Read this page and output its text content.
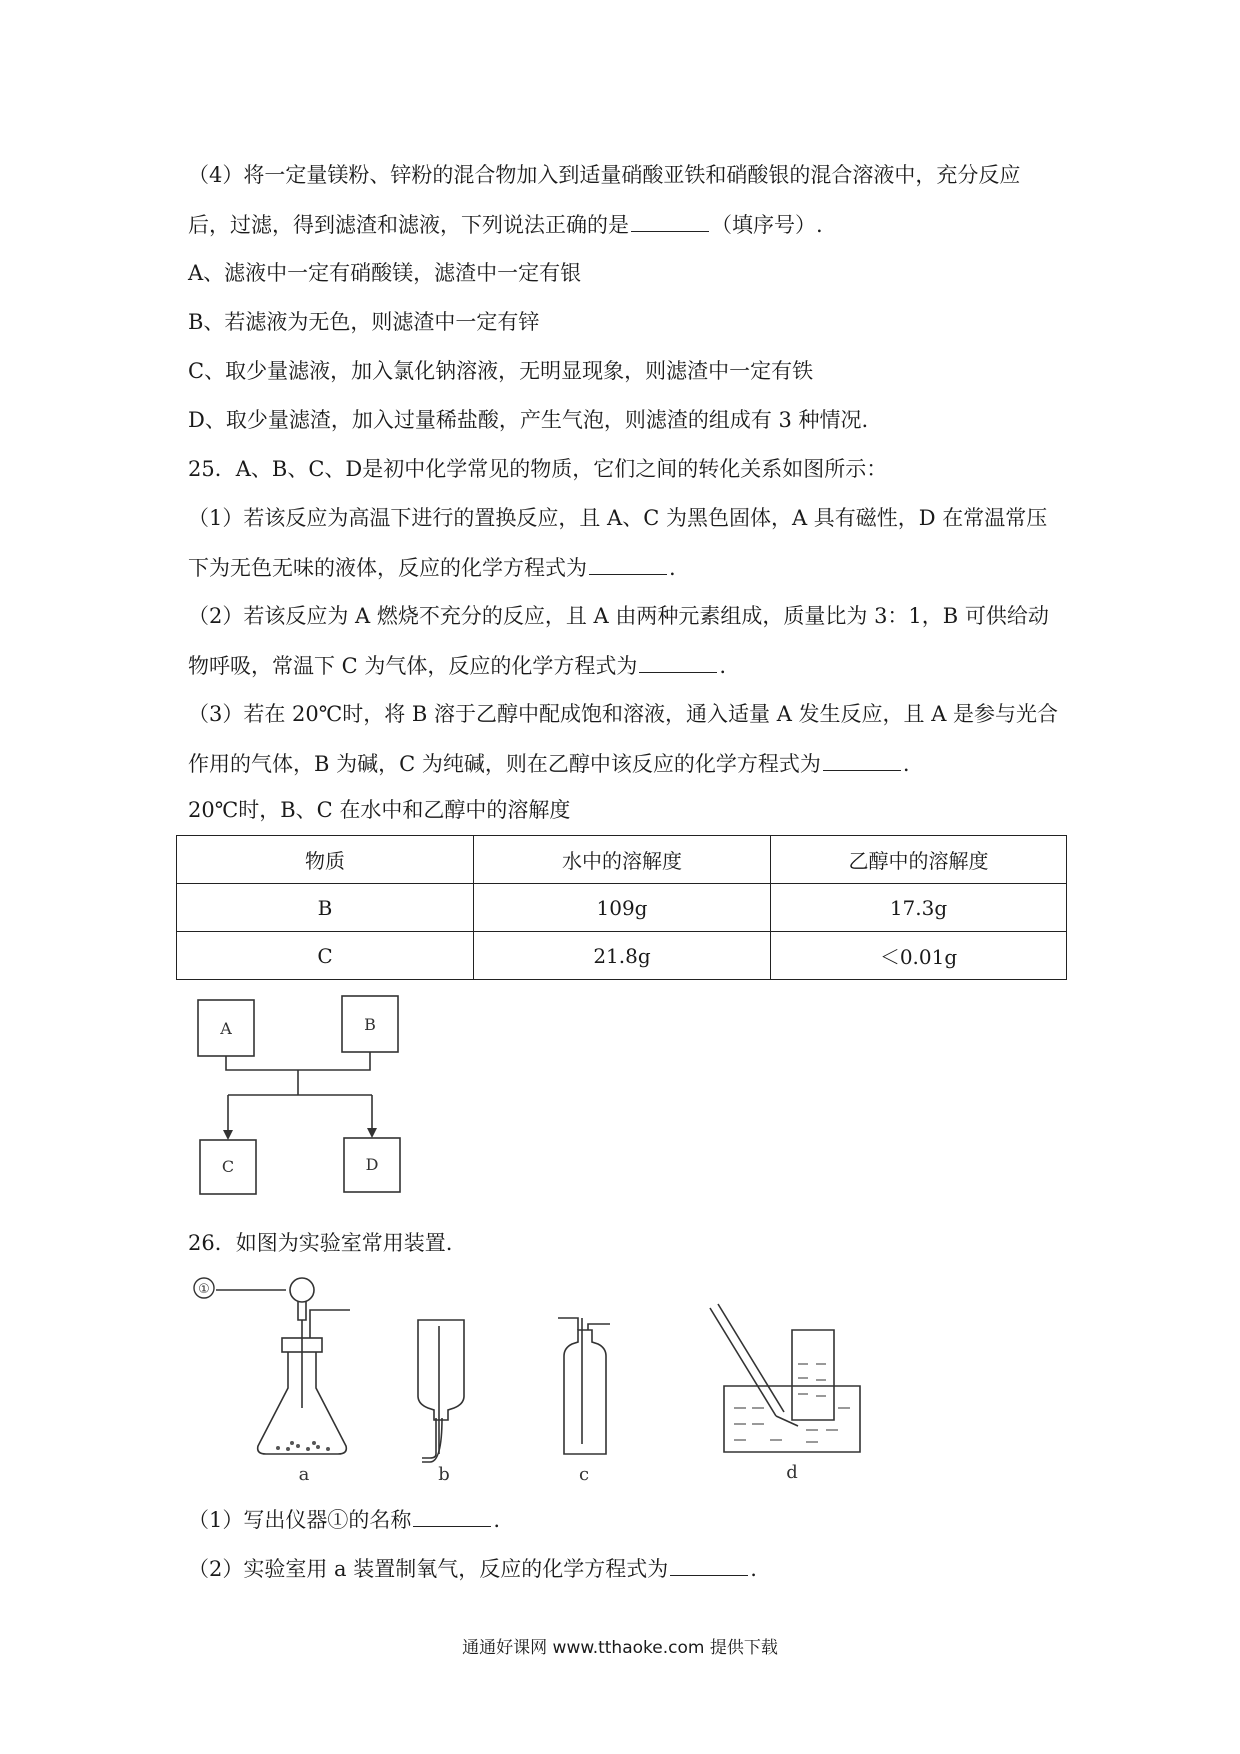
（4）将一定量镁粉、锌粉的混合物加入到适量硝酸亚铁和硝酸银的混合溶液中，充分反应
后，过滤，得到滤渣和滤液，下列说法正确的是	（填序号）.
A、滤液中一定有硝酸镁，滤渣中一定有银
B、若滤液为无色，则滤渣中一定有锌
C、取少量滤液，加入氯化钠溶液，无明显现象，则滤渣中一定有铁
D、取少量滤渣，加入过量稀盐酸，产生气泡，则滤渣的组成有 3 种情况.
25．A、B、C、D是初中化学常见的物质，它们之间的转化关系如图所示：
（1）若该反应为高温下进行的置换反应，且 A、C 为黑色固体，A 具有磁性，D 在常温常压
下为无色无味的液体，反应的化学方程式为	.
（2）若该反应为 A 燃烧不充分的反应，且 A 由两种元素组成，质量比为 3：1，B 可供给动
物呼吸，常温下 C 为气体，反应的化学方程式为	.
（3）若在 20℃时，将 B 溶于乙醇中配成饱和溶液，通入适量 A 发生反应，且 A 是参与光合
作用的气体，B 为碱，C 为纯碱，则在乙醇中该反应的化学方程式为	.
20℃时，B、C 在水中和乙醇中的溶解度
物质	水中的溶解度	乙醇中的溶解度
B	109g	17.3g
C	21.8g	＜0.01g
A	B
C	D
26．如图为实验室常用装置.
①
a	b	c	d
（1）写出仪器①的名称	.
（2）实验室用 a 装置制氧气，反应的化学方程式为	.
通通好课网 www.tthaoke.com 提供下载
